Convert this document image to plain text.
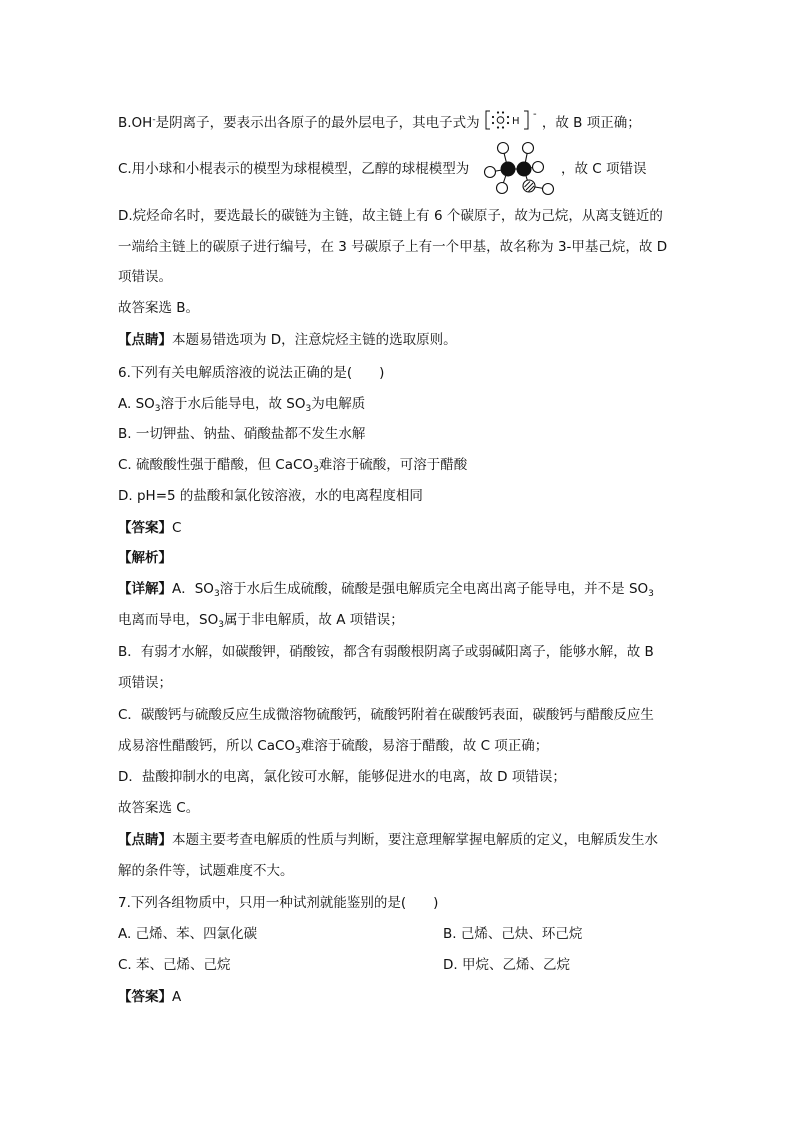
B.OH-是阴离子，要表示出各原子的最外层电子，其电子式为	H
-
，故 B 项正确；
C.用小球和小棍表示的模型为球棍模型，乙醇的球棍模型为	，故 C 项错误
D.烷烃命名时，要选最长的碳链为主链，故主链上有 6 个碳原子，故为己烷，从离支链近的
一端给主链上的碳原子进行编号，在 3 号碳原子上有一个甲基，故名称为 3-甲基己烷，故 D
项错误。
故答案选 B。
【点睛】本题易错选项为 D，注意烷烃主链的选取原则。
6.下列有关电解质溶液的说法正确的是(　　)
A. $SO_3$溶于水后能导电，故 $SO_3$为电解质
B. 一切钾盐、钠盐、硝酸盐都不发生水解
C. 硫酸酸性强于醋酸，但 CaCO$_3$难溶于硫酸，可溶于醋酸
D. pH=5 的盐酸和氯化铵溶液，水的电离程度相同
【答案】C
【解析】
【详解】A．$SO_3$溶于水后生成硫酸，硫酸是强电解质完全电离出离子能导电，并不是 $SO_3$
电离而导电，$SO_3$属于非电解质，故 A 项错误；
B．有弱才水解，如碳酸钾，硝酸铵，都含有弱酸根阴离子或弱碱阳离子，能够水解，故 B
项错误；
C．碳酸钙与硫酸反应生成微溶物硫酸钙，硫酸钙附着在碳酸钙表面，碳酸钙与醋酸反应生
成易溶性醋酸钙，所以 CaCO$_3$难溶于硫酸，易溶于醋酸，故 C 项正确；
D．盐酸抑制水的电离，氯化铵可水解，能够促进水的电离，故 D 项错误；
故答案选 C。
【点睛】本题主要考查电解质的性质与判断，要注意理解掌握电解质的定义，电解质发生水
解的条件等，试题难度不大。
7.下列各组物质中，只用一种试剂就能鉴别的是(　　)
A. 己烯、苯、四氯化碳	B. 己烯、己炔、环己烷
C. 苯、己烯、己烷	D. 甲烷、乙烯、乙烷
【答案】A
